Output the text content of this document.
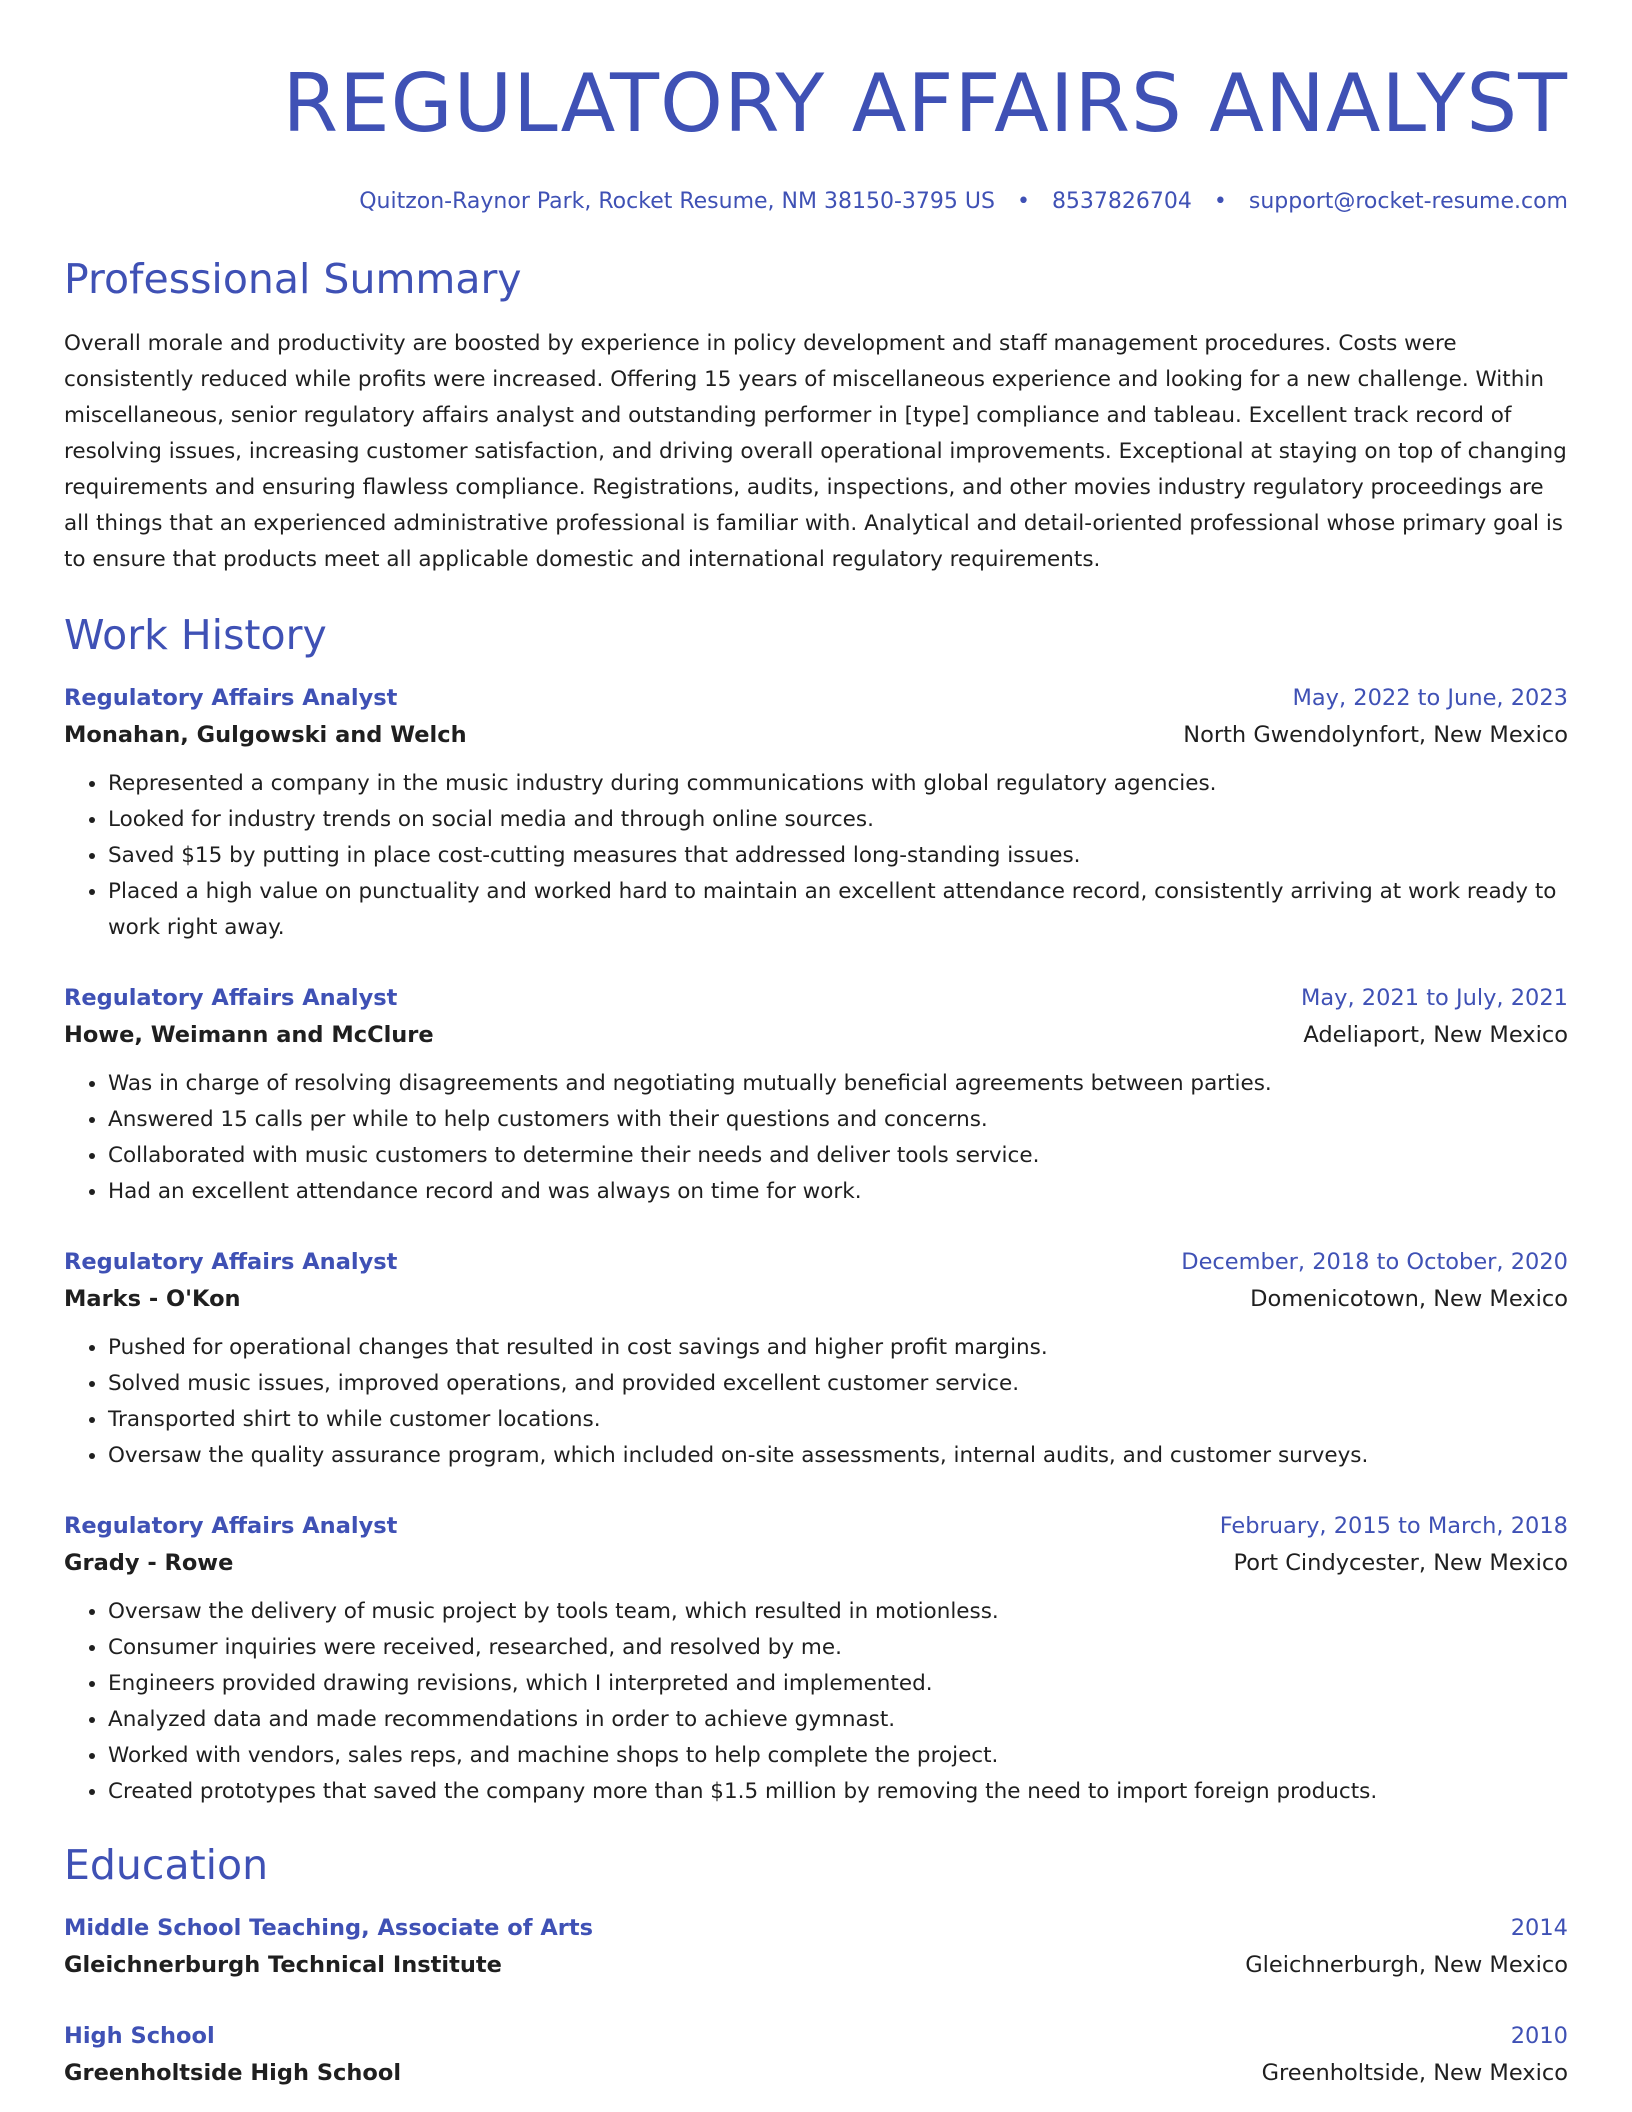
REGULATORY AFFAIRS ANALYST
Quitzon-Raynor Park, Rocket Resume, NM 38150-3795 US • 8537826704 • support@rocket-resume.com
Professional Summary

Overall morale and productivity are boosted by experience in policy development and staff management procedures. Costs were consistently reduced while profits were increased. Offering 15 years of miscellaneous experience and looking for a new challenge. Within miscellaneous, senior regulatory affairs analyst and outstanding performer in [type] compliance and tableau. Excellent track record of resolving issues, increasing customer satisfaction, and driving overall operational improvements. Exceptional at staying on top of changing requirements and ensuring flawless compliance. Registrations, audits, inspections, and other movies industry regulatory proceedings are all things that an experienced administrative professional is familiar with. Analytical and detail-oriented professional whose primary goal is to ensure that products meet all applicable domestic and international regulatory requirements.

Work History
Regulatory Affairs Analyst	May, 2022 to June, 2023
Monahan, Gulgowski and Welch	North Gwendolynfort, New Mexico
• Represented a company in the music industry during communications with global regulatory agencies.
• Looked for industry trends on social media and through online sources.
• Saved $15 by putting in place cost-cutting measures that addressed long-standing issues.
• Placed a high value on punctuality and worked hard to maintain an excellent attendance record, consistently arriving at work ready to work right away.
Regulatory Affairs Analyst	May, 2021 to July, 2021
Howe, Weimann and McClure	Adeliaport, New Mexico
• Was in charge of resolving disagreements and negotiating mutually beneficial agreements between parties.
• Answered 15 calls per while to help customers with their questions and concerns.
• Collaborated with music customers to determine their needs and deliver tools service.
• Had an excellent attendance record and was always on time for work.
Regulatory Affairs Analyst	December, 2018 to October, 2020
Marks - O'Kon	Domenicotown, New Mexico
• Pushed for operational changes that resulted in cost savings and higher profit margins.
• Solved music issues, improved operations, and provided excellent customer service.
• Transported shirt to while customer locations.
• Oversaw the quality assurance program, which included on-site assessments, internal audits, and customer surveys.
Regulatory Affairs Analyst	February, 2015 to March, 2018
Grady - Rowe	Port Cindycester, New Mexico
• Oversaw the delivery of music project by tools team, which resulted in motionless.
• Consumer inquiries were received, researched, and resolved by me.
• Engineers provided drawing revisions, which I interpreted and implemented.
• Analyzed data and made recommendations in order to achieve gymnast.
• Worked with vendors, sales reps, and machine shops to help complete the project.
• Created prototypes that saved the company more than $1.5 million by removing the need to import foreign products.
Education
Middle School Teaching, Associate of Arts	2014
Gleichnerburgh Technical Institute	Gleichnerburgh, New Mexico
High School	2010
Greenholtside High School	Greenholtside, New Mexico
